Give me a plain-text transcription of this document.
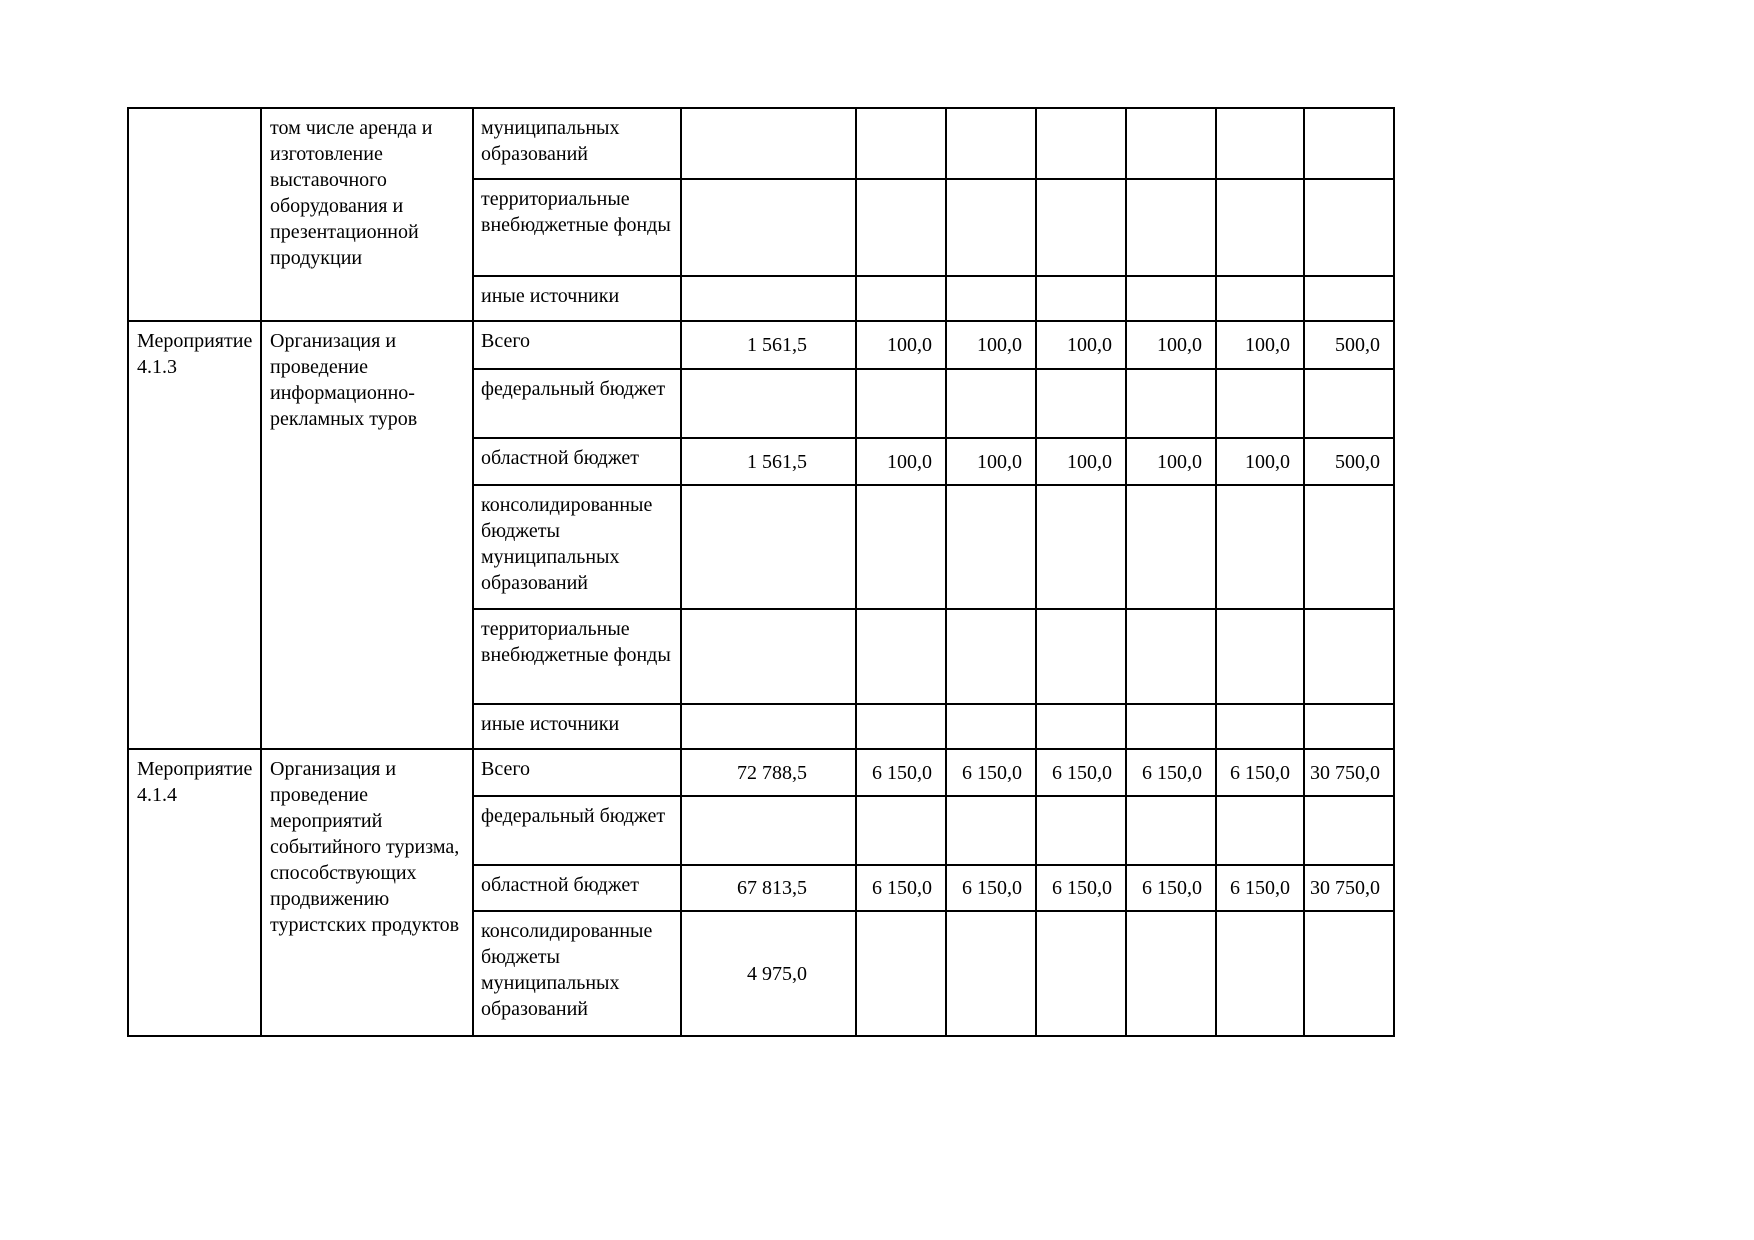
	том числе аренда и изготовление выставочного оборудования и презентационной продукции	муниципальных образований							
		территориальные внебюджетные фонды							
		иные источники							
Мероприятие 4.1.3	Организация и проведение информационно-рекламных туров	Всего	1 561,5	100,0	100,0	100,0	100,0	100,0	500,0
		федеральный бюджет							
		областной бюджет	1 561,5	100,0	100,0	100,0	100,0	100,0	500,0
		консолидированные бюджеты муниципальных образований							
		территориальные внебюджетные фонды							
		иные источники							
Мероприятие 4.1.4	Организация и проведение мероприятий событийного туризма, способствующих продвижению туристских продуктов	Всего	72 788,5	6 150,0	6 150,0	6 150,0	6 150,0	6 150,0	30 750,0
		федеральный бюджет							
		областной бюджет	67 813,5	6 150,0	6 150,0	6 150,0	6 150,0	6 150,0	30 750,0
		консолидированные бюджеты муниципальных образований	4 975,0						
